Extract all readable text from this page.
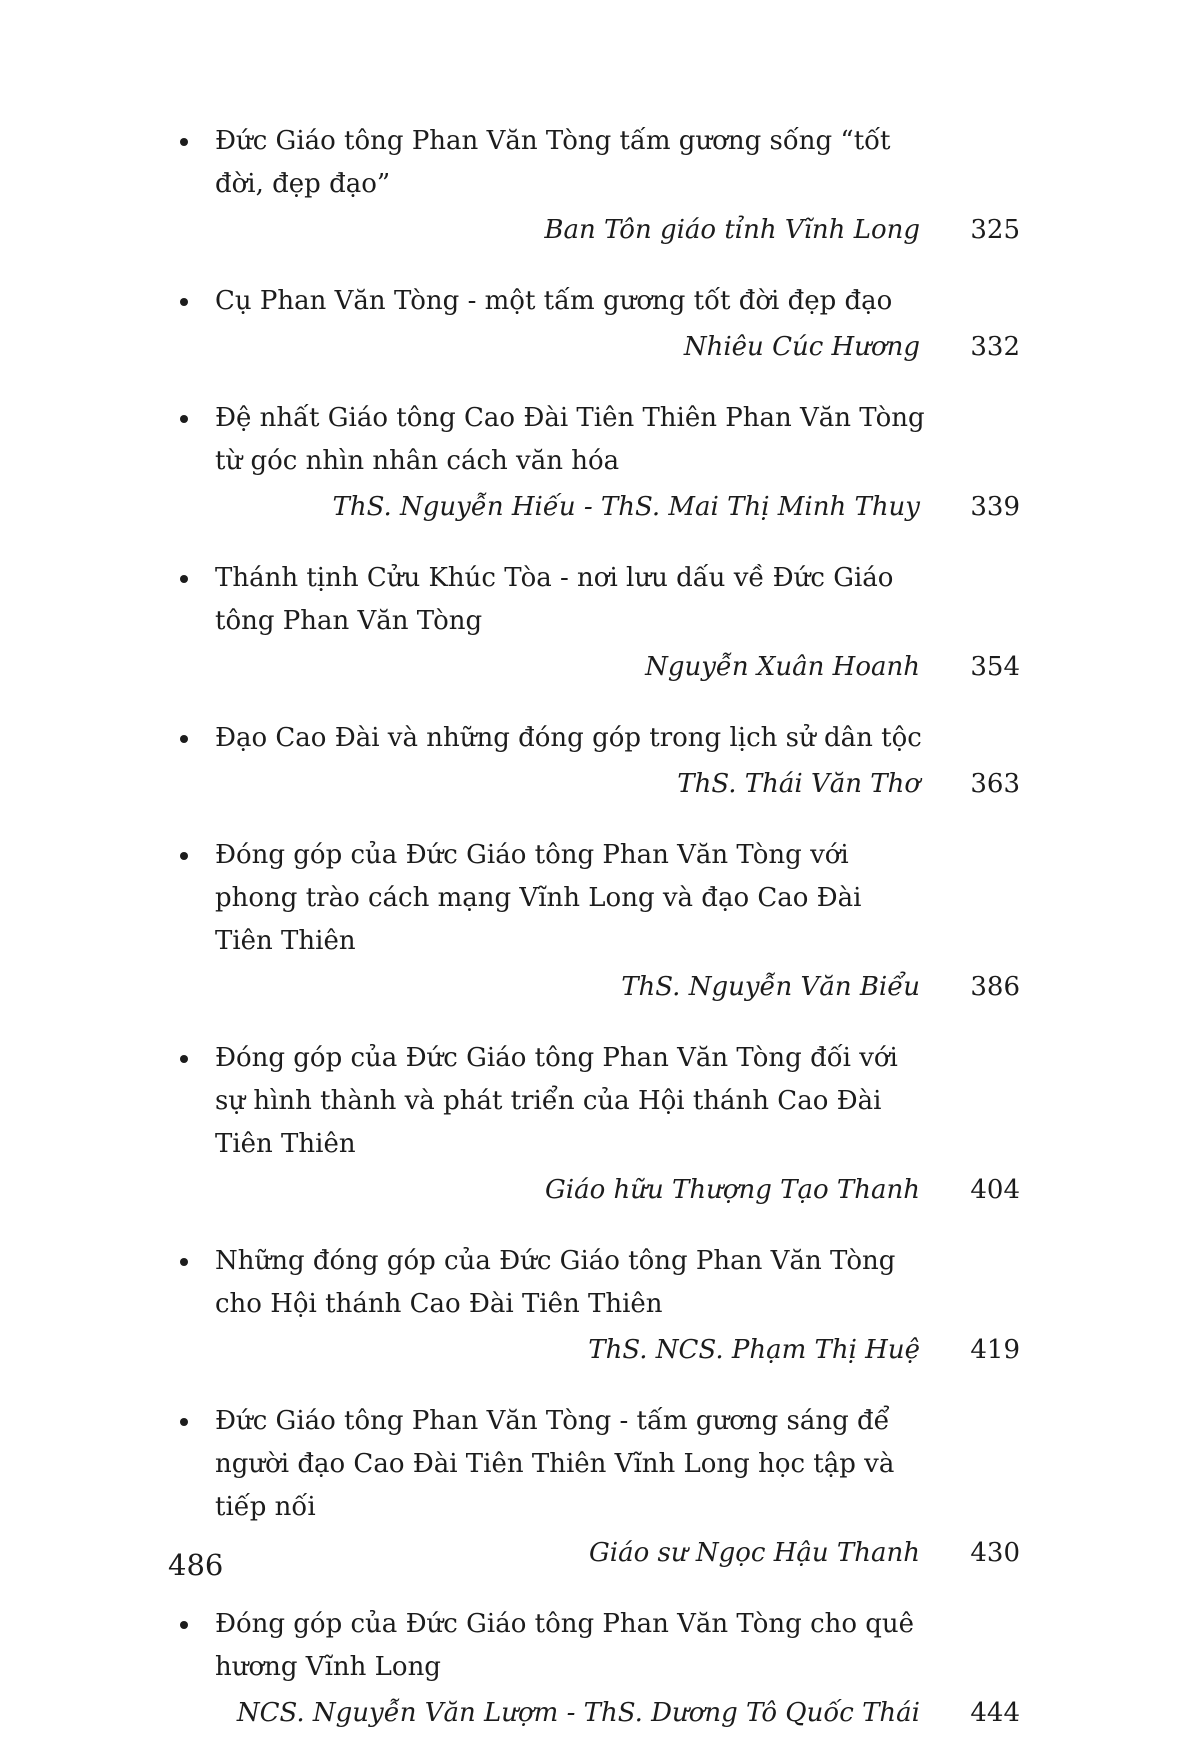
Đức Giáo tông Phan Văn Tòng tấm gương sống “tốt đời, đẹp đạo”
Ban Tôn giáo tỉnh Vĩnh Long 325
Cụ Phan Văn Tòng - một tấm gương tốt đời đẹp đạo
Nhiêu Cúc Hương 332
Đệ nhất Giáo tông Cao Đài Tiên Thiên Phan Văn Tòng từ góc nhìn nhân cách văn hóa
ThS. Nguyễn Hiếu - ThS. Mai Thị Minh Thuy 339
Thánh tịnh Cửu Khúc Tòa - nơi lưu dấu về Đức Giáo tông Phan Văn Tòng
Nguyễn Xuân Hoanh 354
Đạo Cao Đài và những đóng góp trong lịch sử dân tộc
ThS. Thái Văn Thơ 363
Đóng góp của Đức Giáo tông Phan Văn Tòng với phong trào cách mạng Vĩnh Long và đạo Cao Đài Tiên Thiên
ThS. Nguyễn Văn Biểu 386
Đóng góp của Đức Giáo tông Phan Văn Tòng đối với sự hình thành và phát triển của Hội thánh Cao Đài Tiên Thiên
Giáo hữu Thượng Tạo Thanh 404
Những đóng góp của Đức Giáo tông Phan Văn Tòng cho Hội thánh Cao Đài Tiên Thiên
ThS. NCS. Phạm Thị Huệ 419
Đức Giáo tông Phan Văn Tòng - tấm gương sáng để người đạo Cao Đài Tiên Thiên Vĩnh Long học tập và tiếp nối
Giáo sư Ngọc Hậu Thanh 430
Đóng góp của Đức Giáo tông Phan Văn Tòng cho quê hương Vĩnh Long
NCS. Nguyễn Văn Lượm - ThS. Dương Tô Quốc Thái 444
486
